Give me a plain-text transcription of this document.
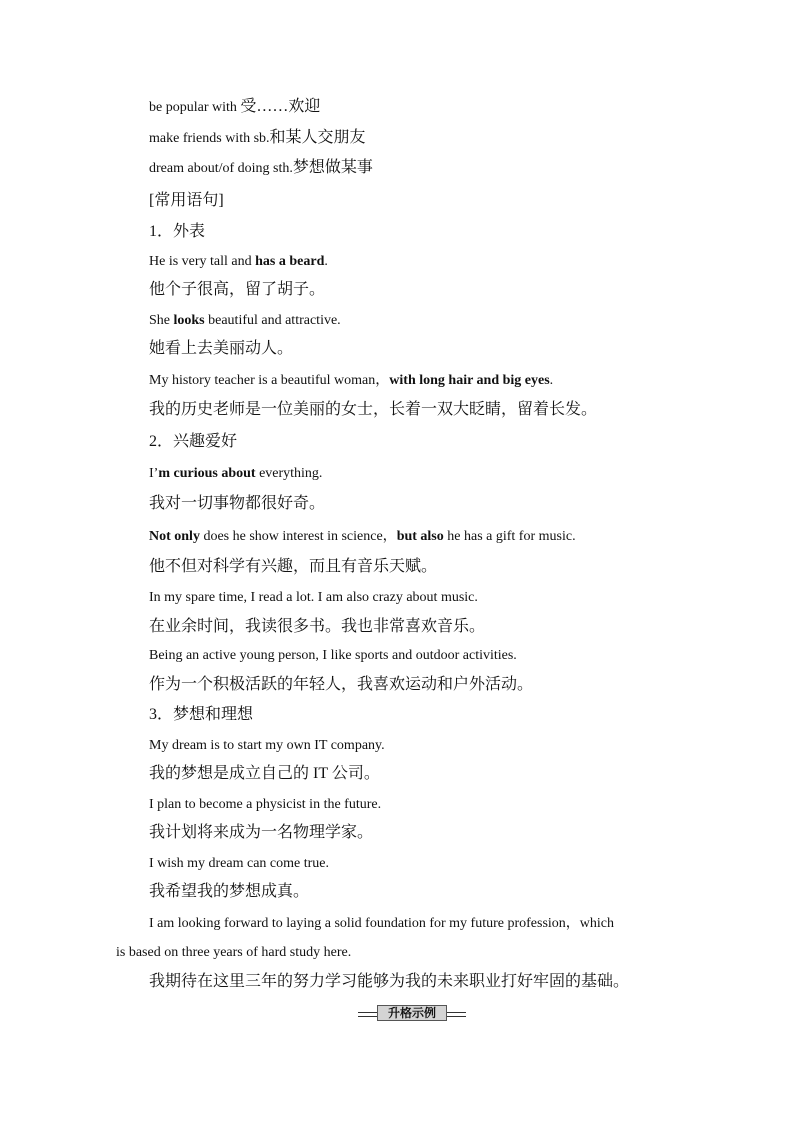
be popular with 受……欢迎
make friends with sb.和某人交朋友
dream about/of doing sth.梦想做某事
[常用语句]
1．外表
He is very tall and has a beard.
他个子很高，留了胡子。
She looks beautiful and attractive.
她看上去美丽动人。
My history teacher is a beautiful woman，with long hair and big eyes.
我的历史老师是一位美丽的女士，长着一双大眨睛，留着长发。
2．兴趣爱好
I’m curious about everything.
我对一切事物都很好奇。
Not only does he show interest in science，but also he has a gift for music.
他不但对科学有兴趣，而且有音乐天赋。
In my spare time, I read a lot. I am also crazy about music.
在业余时间，我读很多书。我也非常喜欢音乐。
Being an active young person, I like sports and outdoor activities.
作为一个积极活跃的年轻人，我喜欢运动和户外活动。
3．梦想和理想
My dream is to start my own IT company.
我的梦想是成立自己的 IT 公司。
I plan to become a physicist in the future.
我计划将来成为一名物理学家。
I wish my dream can come true.
我希望我的梦想成真。
I am looking forward to laying a solid foundation for my future profession，which
is based on three years of hard study here.
我期待在这里三年的努力学习能够为我的未来职业打好牢固的基础。
升格示例
